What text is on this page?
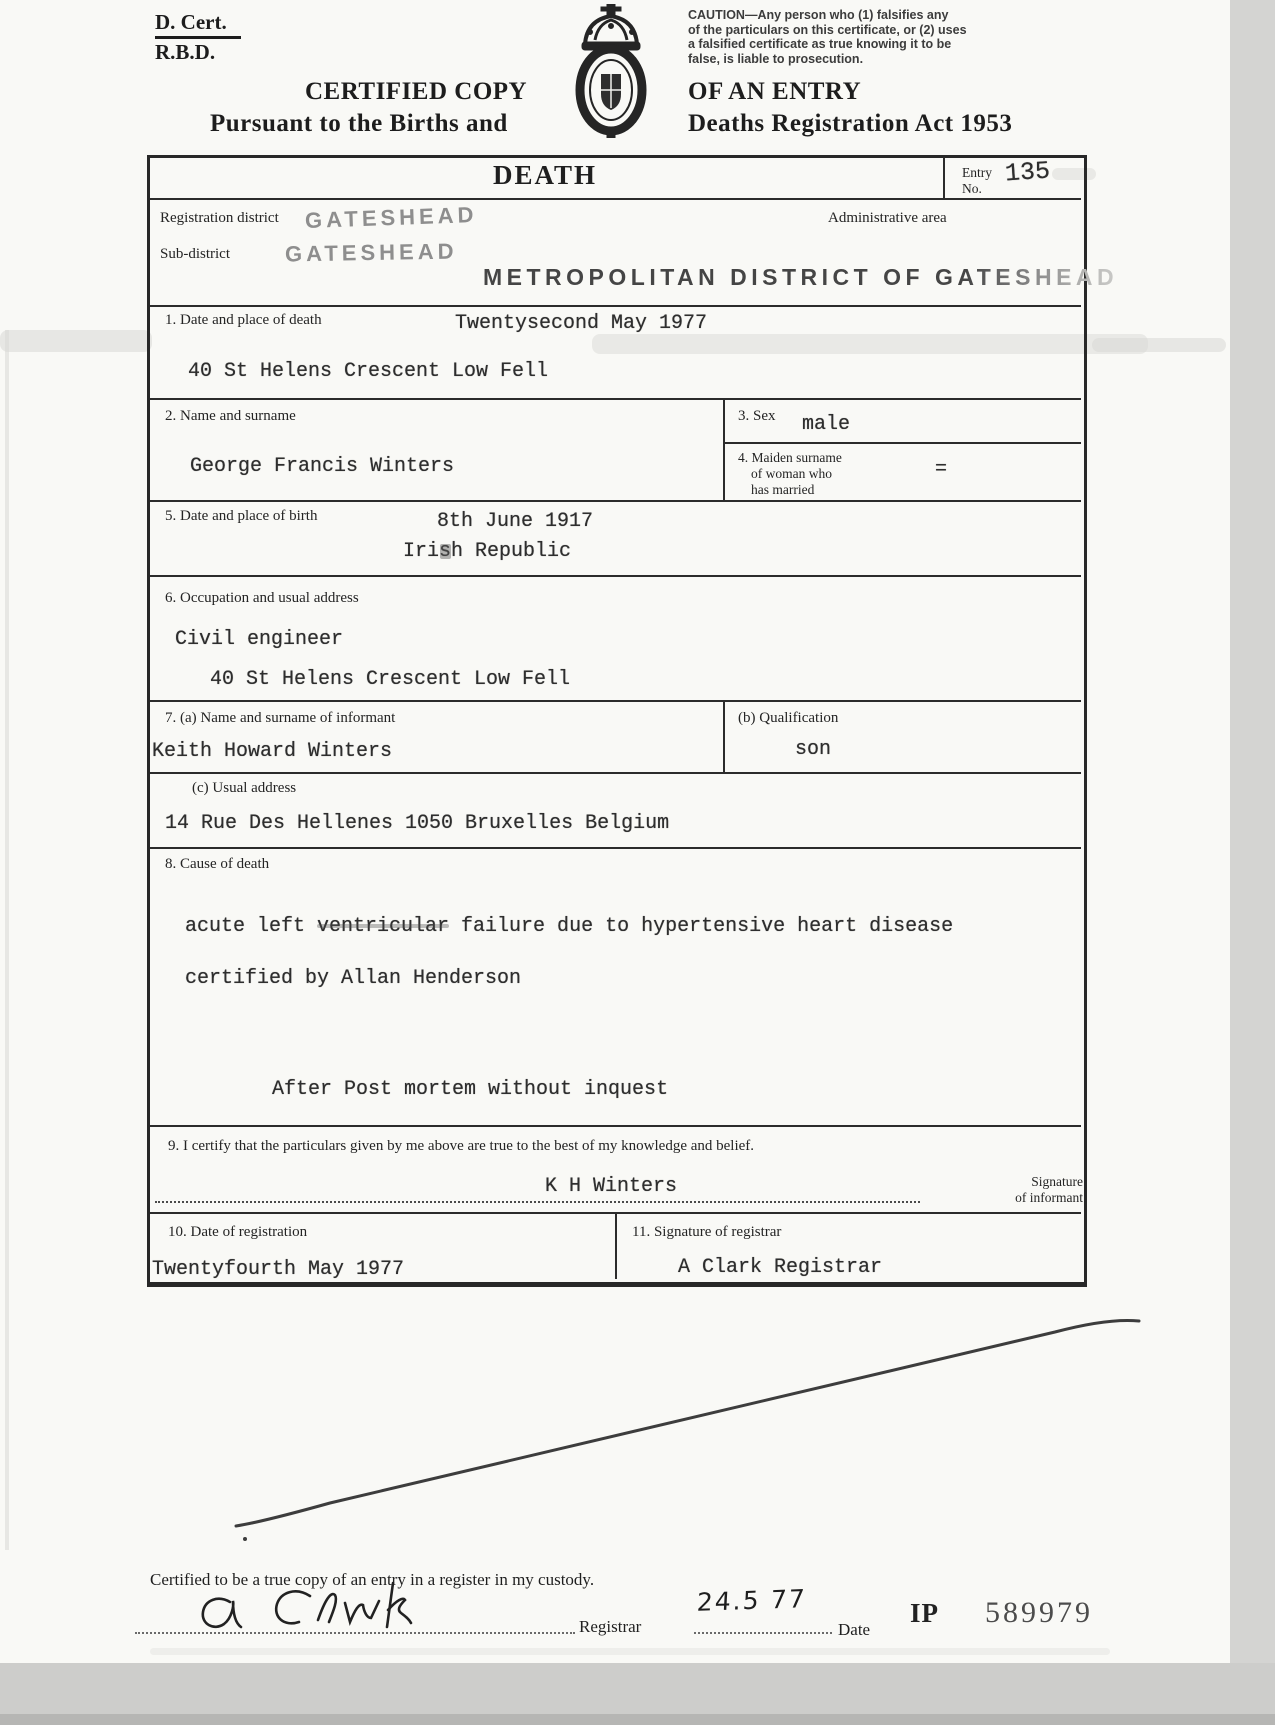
D. Cert.
R.B.D.
CAUTION—Any person who (1) falsifies any
of the particulars on this certificate, or (2) uses
a falsified certificate as true knowing it to be
false, is liable to prosecution.
CERTIFIED COPY	OF AN ENTRY
Pursuant to the Births and	Deaths Registration Act 1953
DEATH	Entry
No. 135
Registration district GATESHEAD	Administrative area
Sub-district GATESHEAD
METROPOLITAN DISTRICT OF GATESHEAD
1. Date and place of death	Twentysecond May 1977
40 St Helens Crescent Low Fell
2. Name and surname
George Francis Winters
3. Sex male
4. Maiden surname
of woman who
has married
=
5. Date and place of birth	8th June 1917
Irish Republic
6. Occupation and usual address
Civil engineer
40 St Helens Crescent Low Fell
7. (a) Name and surname of informant	(b) Qualification
Keith Howard Winters	son
(c) Usual address
14 Rue Des Hellenes 1050 Bruxelles Belgium
8. Cause of death
acute left ventricular failure due to hypertensive heart disease
certified by Allan Henderson
After Post mortem without inquest
9. I certify that the particulars given by me above are true to the best of my knowledge and belief.
K H Winters	Signature
of informant
10. Date of registration	11. Signature of registrar
Twentyfourth May 1977	A Clark Registrar
Certified to be a true copy of an entry in a register in my custody.
Registrar
24.5 77
Date
IP 589979
